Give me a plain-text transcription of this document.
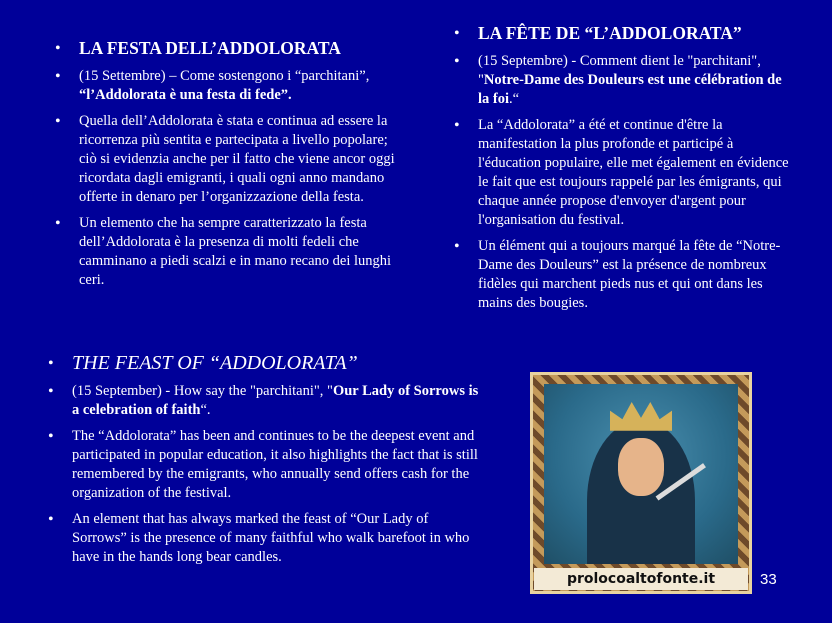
• LA FESTA DELL’ADDOLORATA
• (15 Settembre) – Come sostengono i “parchitani”, “l’Addolorata è una festa di fede”.
• Quella dell’Addolorata è stata e continua ad essere la ricorrenza più sentita e partecipata a livello popolare; ciò si evidenzia anche per il fatto che viene ancor oggi ricordata dagli emigranti, i quali ogni anno mandano offerte in denaro per l’organizzazione della festa.
• Un elemento che ha sempre caratterizzato la festa dell’Addolorata è la presenza di molti fedeli che camminano a piedi scalzi e in mano recano dei lunghi ceri.
• LA FÊTE DE “L’ADDOLORATA”
• (15 Septembre) - Comment dient le "parchitani", "Notre-Dame des Douleurs est une célébration de la foi.“
• La “Addolorata” a été et continue d'être la manifestation la plus profonde et participé à l'éducation populaire, elle met également en évidence le fait que est toujours rappelé par les émigrants, qui chaque année propose d'envoyer d'argent pour l'organisation du festival.
• Un élément qui a toujours marqué la fête de “Notre-Dame des Douleurs” est la présence de nombreux fidèles qui marchent pieds nus et qui ont dans les mains des bougies.
• THE FEAST OF “ADDOLORATA”
• (15 September) - How say the "parchitani", "Our Lady of Sorrows is a celebration of faith“.
• The “Addolorata” has been and continues to be the deepest event and participated in popular education, it also highlights the fact that is still remembered by the emigrants, who annually send offers cash for the organization of the festival.
• An element that has always marked the feast of “Our Lady of Sorrows” is the presence of many faithful who walk barefoot in who have in the hands long bear candles.
prolocoaltofonte.it	33
